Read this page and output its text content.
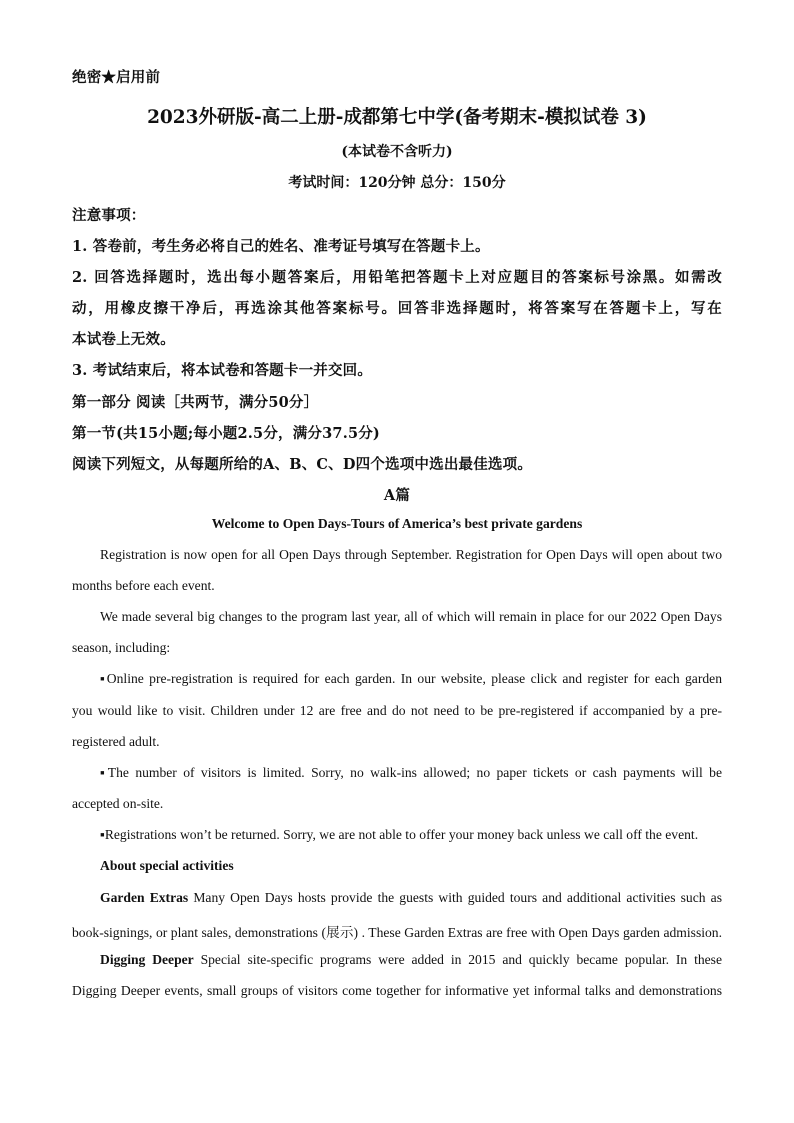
绝密★启用前
2023外研版-高二上册-成都第七中学(备考期末-模拟试卷 3)
(本试卷不含听力)
考试时间：120分钟 总分：150分
注意事项：
1. 答卷前，考生务必将自己的姓名、准考证号填写在答题卡上。
2. 回答选择题时，选出每小题答案后，用铅笔把答题卡上对应题目的答案标号涂黑。如需改
动，用橡皮擦干净后，再选涂其他答案标号。回答非选择题时，将答案写在答题卡上，写在
本试卷上无效。
3. 考试结束后，将本试卷和答题卡一并交回。
第一部分 阅读［共两节，满分50分］
第一节(共15小题;每小题2.5分，满分37.5分)
阅读下列短文，从每题所给的A、B、C、D四个选项中选出最佳选项。
A篇
Welcome to Open Days-Tours of America’s best private gardens
Registration is now open for all Open Days through September. Registration for Open Days will open about two
months before each event.
We made several big changes to the program last year, all of which will remain in place for our 2022 Open Days
season, including:
▪Online pre-registration is required for each garden. In our website, please click and register for each garden
you would like to visit. Children under 12 are free and do not need to be pre-registered if accompanied by a pre-
registered adult.
▪The number of visitors is limited. Sorry, no walk-ins allowed; no paper tickets or cash payments will be
accepted on-site.
▪Registrations won’t be returned. Sorry, we are not able to offer your money back unless we call off the event.
About special activities
Garden Extras Many Open Days hosts provide the guests with guided tours and additional activities such as
book-signings, or plant sales, demonstrations (展示) . These Garden Extras are free with Open Days garden admission.
Digging Deeper Special site-specific programs were added in 2015 and quickly became popular. In these
Digging Deeper events, small groups of visitors come together for informative yet informal talks and demonstrations
